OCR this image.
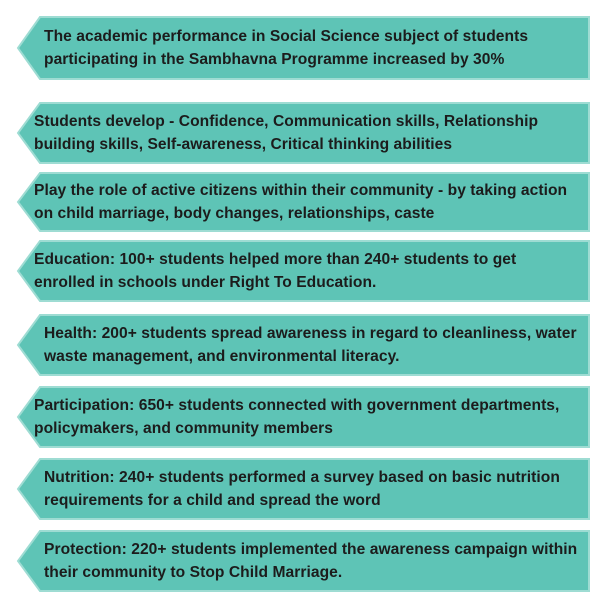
The academic performance in Social Science subject of students participating in the Sambhavna Programme increased by 30%
Students develop - Confidence, Communication skills, Relationship building skills, Self-awareness, Critical thinking abilities
Play the role of active citizens within their community - by taking action on child marriage, body changes, relationships, caste
Education: 100+ students helped more than 240+ students to get enrolled in schools under Right To Education.
Health: 200+ students spread awareness in regard to cleanliness, water waste management, and environmental literacy.
Participation: 650+ students connected with government departments, policymakers, and community members
Nutrition: 240+ students performed a survey based on basic nutrition requirements for a child and spread the word
Protection: 220+ students implemented the awareness campaign within their community to Stop Child Marriage.
